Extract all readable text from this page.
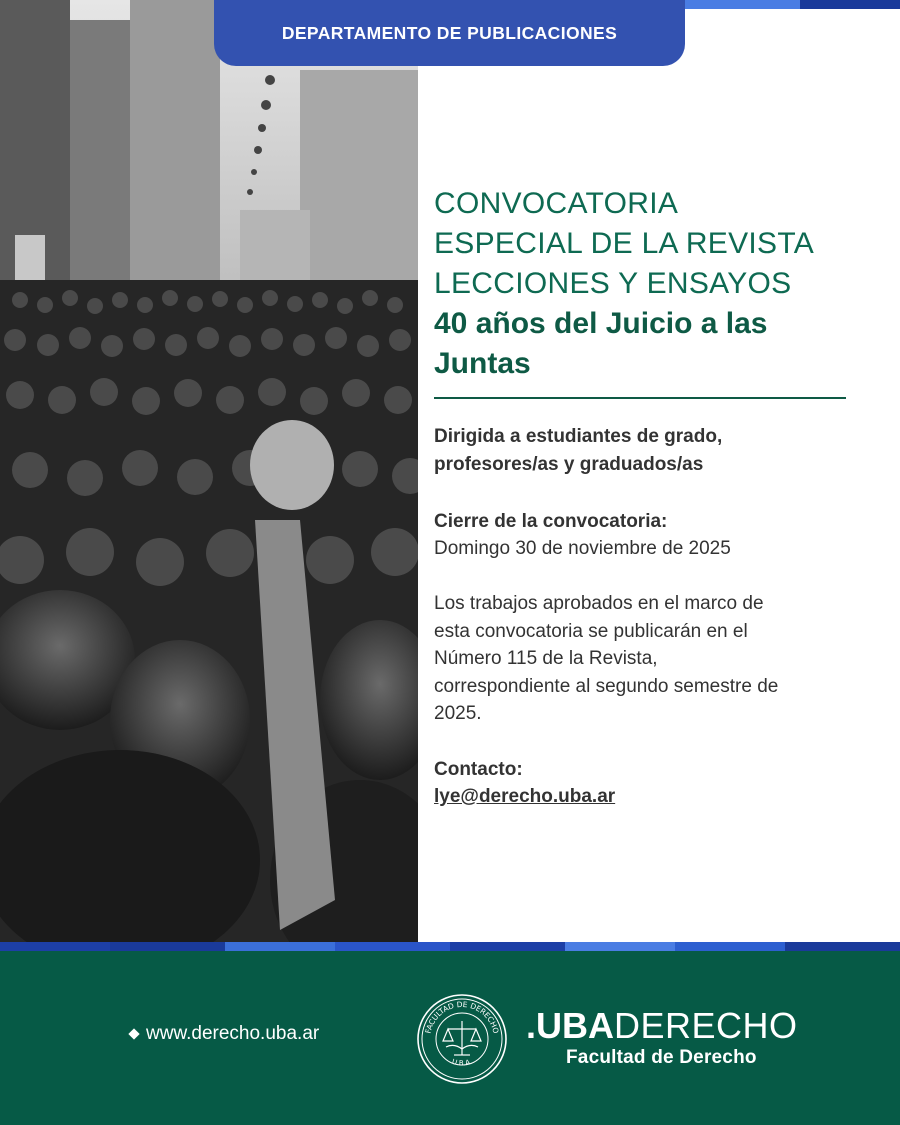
DEPARTAMENTO DE PUBLICACIONES
CONVOCATORIA
ESPECIAL DE LA REVISTA
LECCIONES Y ENSAYOS
40 años del Juicio a las
Juntas
Dirigida a estudiantes de grado,
profesores/as y graduados/as
Cierre de la convocatoria:
Domingo 30 de noviembre de 2025
Los trabajos aprobados en el marco de
esta convocatoria se publicarán en el
Número 115 de la Revista,
correspondiente al segundo semestre de
2025.
Contacto:
lye@derecho.uba.ar
www.derecho.uba.ar	FACULTAD DE DERECHO
U.B.A.
.UBADERECHO
Facultad de Derecho
